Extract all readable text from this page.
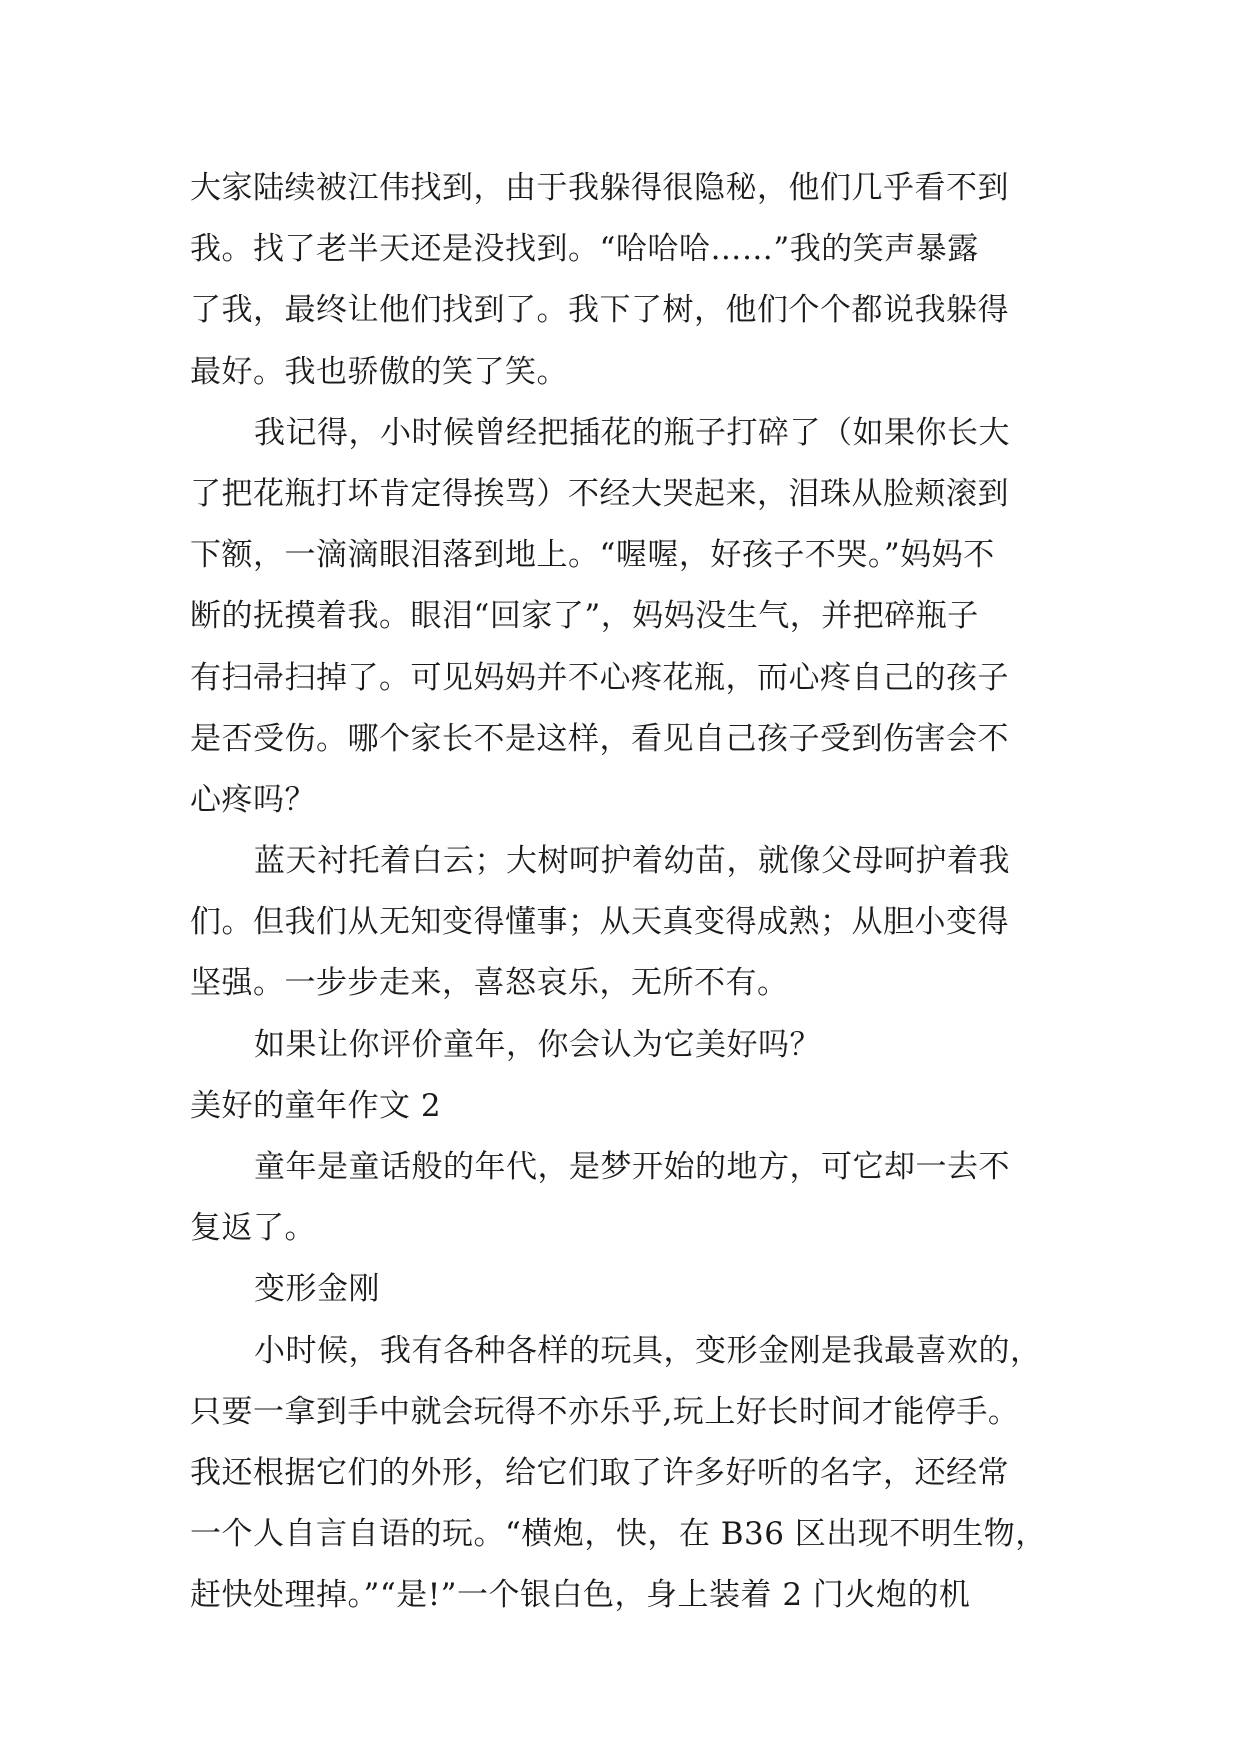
大家陆续被江伟找到，由于我躲得很隐秘，他们几乎看不到
我。找了老半天还是没找到。“哈哈哈……”我的笑声暴露
了我，最终让他们找到了。我下了树，他们个个都说我躲得
最好。我也骄傲的笑了笑。
我记得，小时候曾经把插花的瓶子打碎了（如果你长大
了把花瓶打坏肯定得挨骂）不经大哭起来，泪珠从脸颊滚到
下额，一滴滴眼泪落到地上。“喔喔，好孩子不哭。”妈妈不
断的抚摸着我。眼泪“回家了”，妈妈没生气，并把碎瓶子
有扫帚扫掉了。可见妈妈并不心疼花瓶，而心疼自己的孩子
是否受伤。哪个家长不是这样，看见自己孩子受到伤害会不
心疼吗？
蓝天衬托着白云；大树呵护着幼苗，就像父母呵护着我
们。但我们从无知变得懂事；从天真变得成熟；从胆小变得
坚强。一步步走来，喜怒哀乐，无所不有。
如果让你评价童年，你会认为它美好吗？
美好的童年作文 2
童年是童话般的年代，是梦开始的地方，可它却一去不
复返了。
变形金刚
小时候，我有各种各样的玩具，变形金刚是我最喜欢的，
只要一拿到手中就会玩得不亦乐乎,玩上好长时间才能停手。
我还根据它们的外形，给它们取了许多好听的名字，还经常
一个人自言自语的玩。“横炮，快，在 B36 区出现不明生物，
赶快处理掉。”“是!”一个银白色，身上装着 2 门火炮的机
